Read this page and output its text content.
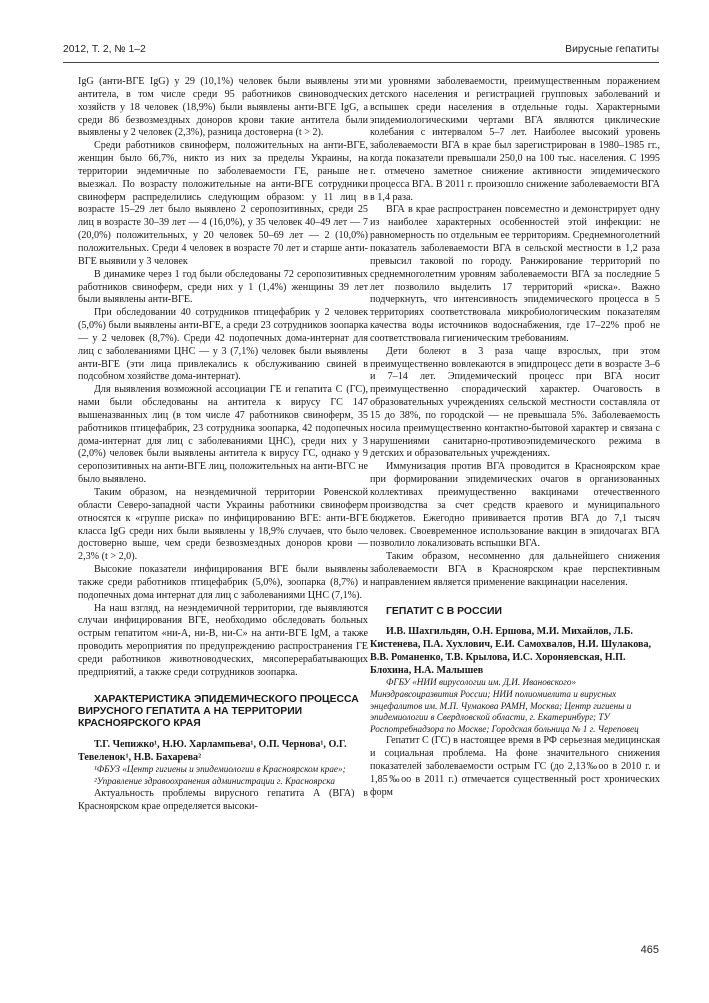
2012, Т. 2, № 1–2	Вирусные гепатиты

IgG (анти-ВГЕ IgG) у 29 (10,1%) человек были выявлены эти антитела, в том числе среди 95 работников свиноводческих хозяйств у 18 человек (18,9%) были выявлены анти-ВГЕ IgG, а среди 86 безвозмездных доноров крови такие антитела были выявлены у 2 человек (2,3%), разница достоверна (t > 2).

Среди работников свиноферм, положительных на анти-ВГЕ, женщин было 66,7%, никто из них за пределы Украины, на территории эндемичные по заболеваемости ГЕ, раньше не выезжал. По возрасту положительные на анти-ВГЕ сотрудники свиноферм распределились следующим образом: у 11 лиц в возрасте 15–29 лет было выявлено 2 серопозитивных, среди 25 лиц в возрасте 30–39 лет — 4 (16,0%), у 35 человек 40–49 лет — 7 (20,0%) положительных, у 20 человек 50–69 лет — 2 (10,0%) положительных. Среди 4 человек в возрасте 70 лет и старше анти-ВГЕ выявили у 3 человек

В динамике через 1 год были обследованы 72 серопозитивных работников свиноферм, среди них у 1 (1,4%) женщины 39 лет были выявлены анти-ВГЕ.

При обследовании 40 сотрудников птицефабрик у 2 человек (5,0%) были выявлены анти-ВГЕ, а среди 23 сотрудников зоопарка — у 2 человек (8,7%). Среди 42 подопечных дома-интернат для лиц с заболеваниями ЦНС — у 3 (7,1%) человек были выявлены анти-ВГЕ (эти лица привлекались к обслуживанию свиней в подсобном хозяйстве дома-интернат).

Для выявления возможной ассоциации ГЕ и гепатита С (ГС), нами были обследованы на антитела к вирусу ГС 147 вышеназванных лиц (в том числе 47 работников свиноферм, 35 работников птицефабрик, 23 сотрудника зоопарка, 42 подопечных дома-интернат для лиц с заболеваниями ЦНС), среди них у 3 (2,0%) человек были выявлены антитела к вирусу ГС, однако у 9 серопозитивных на анти-ВГЕ лиц, положительных на анти-ВГС не было выявлено.

Таким образом, на неэндемичной территории Ровенской области Северо-западной части Украины работники свиноферм относятся к «группе риска» по инфицированию ВГЕ: анти-ВГЕ класса IgG среди них были выявлены у 18,9% случаев, что было достоверно выше, чем среди безвозмездных доноров крови — 2,3% (t > 2,0).

Высокие показатели инфицирования ВГЕ были выявлены также среди работников птицефабрик (5,0%), зоопарка (8,7%) и подопечных дома интернат для лиц с заболеваниями ЦНС (7,1%).

На наш взгляд, на неэндемичной территории, где выявляются случаи инфицирования ВГЕ, необходимо обследовать больных острым гепатитом «ни-А, ни-В, ни-С» на анти-ВГЕ IgM, а также проводить мероприятия по предупреждению распространения ГЕ среди работников животноводческих, мясоперерабатывающих предприятий, а также среди сотрудников зоопарка.

ХАРАКТЕРИСТИКА ЭПИДЕМИЧЕСКОГО ПРОЦЕССА ВИРУСНОГО ГЕПАТИТА А НА ТЕРРИТОРИИ КРАСНОЯРСКОГО КРАЯ

Т.Г. Чепижко¹, Н.Ю. Харлампьева¹, О.П. Чернова¹, О.Г. Тевеленок¹, Н.В. Бахарева²

¹ФБУЗ «Центр гигиены и эпидемиологии в Красноярском крае»;

²Управление здравоохранения администрации г. Красноярска

Актуальность проблемы вирусного гепатита А (ВГА) в Красноярском крае определяется высоки-

ми уровнями заболеваемости, преимущественным поражением детского населения и регистрацией групповых заболеваний и вспышек среди населения в отдельные годы. Характерными эпидемиологическими чертами ВГА являются циклические колебания с интервалом 5–7 лет. Наиболее высокий уровень заболеваемости ВГА в крае был зарегистрирован в 1980–1985 гг., когда показатели превышали 250,0 на 100 тыс. населения. С 1995 г. отмечено заметное снижение активности эпидемического процесса ВГА. В 2011 г. произошло снижение заболеваемости ВГА в 1,4 раза.

ВГА в крае распространен повсеместно и демонстрирует одну из наиболее характерных особенностей этой инфекции: не равномерность по отдельным ее территориям. Среднемноголетний показатель заболеваемости ВГА в сельской местности в 1,2 раза превысил таковой по городу. Ранжирование территорий по среднемноголетним уровням заболеваемости ВГА за последние 5 лет позволило выделить 17 территорий «риска». Важно подчеркнуть, что интенсивность эпидемического процесса в 5 территориях соответствовала микробиологическим показателям качества воды источников водоснабжения, где 17–22% проб не соответствовала гигиеническим требованиям.

Дети болеют в 3 раза чаще взрослых, при этом преимущественно вовлекаются в эпидпроцесс дети в возрасте 3–6 и 7–14 лет. Эпидемический процесс при ВГА носит преимущественно спорадический характер. Очаговость в образовательных учреждениях сельской местности составляла от 15 до 38%, по городской — не превышала 5%. Заболеваемость носила преимущественно контактно-бытовой характер и связана с нарушениями санитарно-противоэпидемического режима в детских и образовательных учреждениях.

Иммунизация против ВГА проводится в Красноярском крае при формировании эпидемических очагов в организованных коллективах преимущественно вакцинами отечественного производства за счет средств краевого и муниципального бюджетов. Ежегодно прививается против ВГА до 7,1 тысяч человек. Своевременное использование вакцин в эпидочагах ВГА позволило локализовать вспышки ВГА.

Таким образом, несомненно для дальнейшего снижения заболеваемости ВГА в Красноярском крае перспективным направлением является применение вакцинации населения.

ГЕПАТИТ С В РОССИИ

И.В. Шахгильдян, О.Н. Ершова, М.И. Михайлов, Л.Б. Кистенева, П.А. Хухлович, Е.И. Самохвалов, Н.И. Шулакова, В.В. Романенко, Т.В. Крылова, И.С. Хороняевская, Н.П. Блохина, Н.А. Малышев

ФГБУ «НИИ вирусологии им. Д.И. Ивановского» Минздравсоцразвития России; НИИ полиомиелита и вирусных энцефалитов им. М.П. Чумакова РАМН, Москва; Центр гигиены и эпидемиологии в Свердловской области, г. Екатеринбург; ТУ Роспотребнадзора по Москве; Городская больница № 1 г. Череповец

Гепатит С (ГС) в настоящее время в РФ серьезная медицинская и социальная проблема. На фоне значительного снижения показателей заболеваемости острым ГС (до 2,13‰оо в 2010 г. и 1,85‰оо в 2011 г.) отмечается существенный рост хронических форм

465
